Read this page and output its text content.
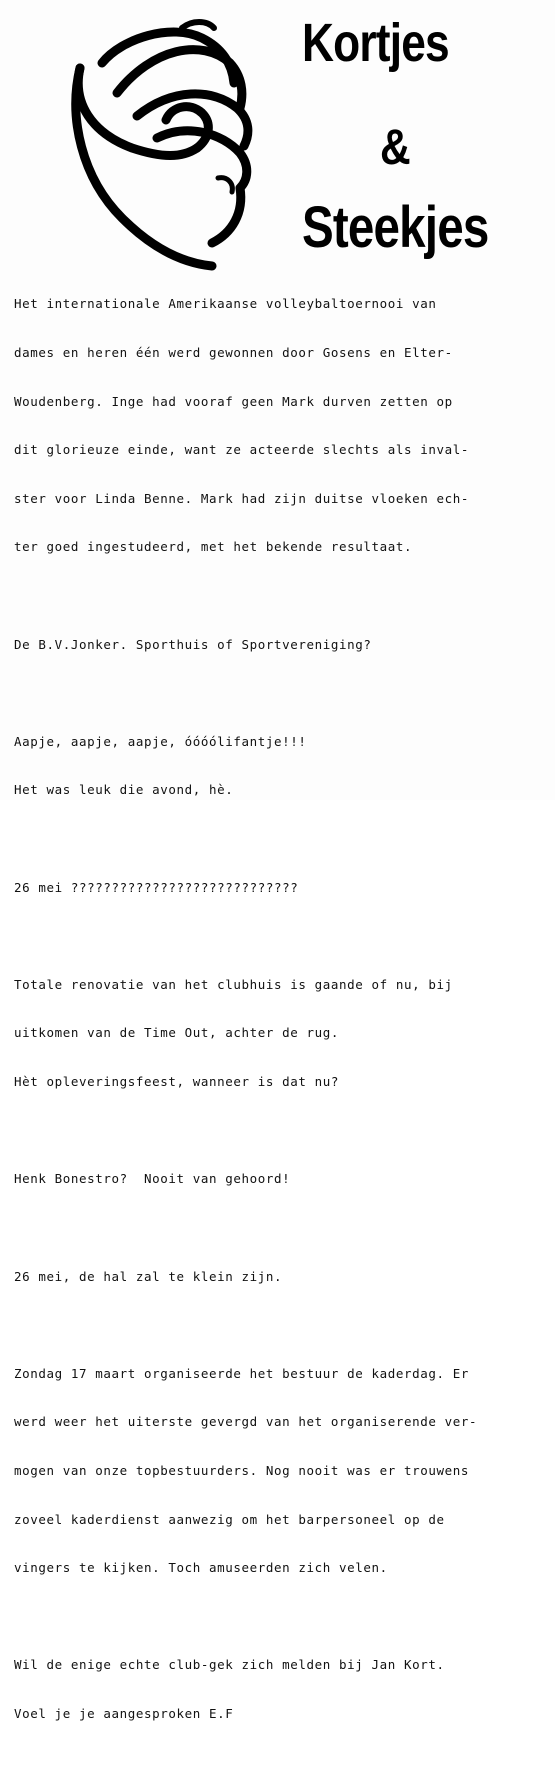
Kortjes
&
Steekjes

Het internationale Amerikaanse volleybaltoernooi van

dames en heren één werd gewonnen door Gosens en Elter-

Woudenberg. Inge had vooraf geen Mark durven zetten op

dit glorieuze einde, want ze acteerde slechts als inval-

ster voor Linda Benne. Mark had zijn duitse vloeken ech-

ter goed ingestudeerd, met het bekende resultaat.

De B.V.Jonker. Sporthuis of Sportvereniging?

Aapje, aapje, aapje, óóóólifantje!!!

Het was leuk die avond, hè.

26 mei ????????????????????????????

Totale renovatie van het clubhuis is gaande of nu, bij

uitkomen van de Time Out, achter de rug.

Hèt opleveringsfeest, wanneer is dat nu?

Henk Bonestro?  Nooit van gehoord!

26 mei, de hal zal te klein zijn.

Zondag 17 maart organiseerde het bestuur de kaderdag. Er

werd weer het uiterste gevergd van het organiserende ver-

mogen van onze topbestuurders. Nog nooit was er trouwens

zoveel kaderdienst aanwezig om het barpersoneel op de

vingers te kijken. Toch amuseerden zich velen.

Wil de enige echte club-gek zich melden bij Jan Kort.

Voel je je aangesproken E.F
